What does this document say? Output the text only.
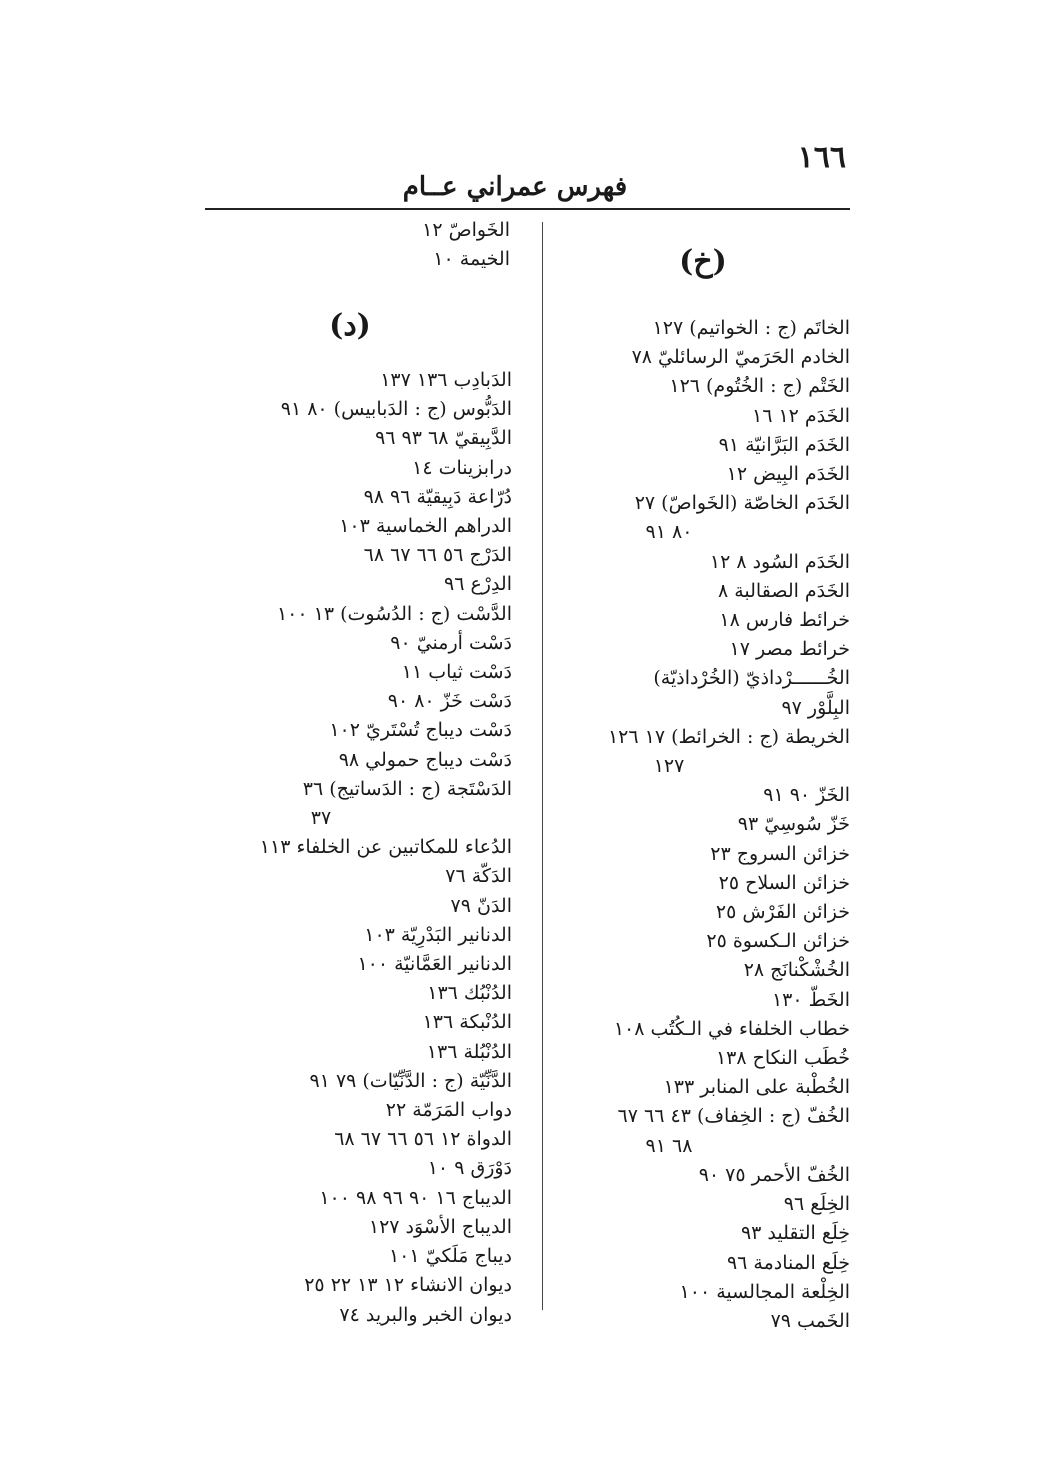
١٦٦
فهرس عمراني عــام
(خ)
الخاتَم (ج : الخواتيم) ١٢٧
الخادم الحَرَميّ الرسائليّ ٧٨
الخَتْم (ج : الخُتُوم) ١٢٦
الخَدَم ١٢ ١٦
الخَدَم البَرَّانيّة ٩١
الخَدَم البِيض ١٢
الخَدَم الخاصّة (الخَواصّ) ٢٧
٨٠ ٩١
الخَدَم السُود ٨ ١٢
الخَدَم الصقالبة ٨
خرائط فارس ١٨
خرائط مصر ١٧
الخُــــــرْداذيّ (الخُرْداذيّة)
البِلَّوْر ٩٧
الخريطة (ج : الخرائط) ١٧ ١٢٦
١٢٧
الخَزّ ٩٠ ٩١
خَزّ سُوسِيّ ٩٣
خزائن السروج ٢٣
خزائن السلاح ٢٥
خزائن الفَرْش ٢٥
خزائن الـكسوة ٢٥
الخُشْكْنانَج ٢٨
الخَطّ ١٣٠
خطاب الخلفاء في الـكُتُب ١٠٨
خُطَب النكاح ١٣٨
الخُطْبة على المنابر ١٣٣
الخُفّ (ج : الخِفاف) ٤٣ ٦٦ ٦٧
٦٨ ٩١
الخُفّ الأحمر ٧٥ ٩٠
الخِلَع ٩٦
خِلَع التقليد ٩٣
خِلَع المنادمة ٩٦
الخِلْعة المجالسية ١٠٠
الخَمب ٧٩
الخَواصّ ١٢
الخيمة ١٠
(د)
الدَبادِب ١٣٦ ١٣٧
الدَبُّوس (ج : الدَبابيس) ٨٠ ٩١
الدَّبِيقيّ ٦٨ ٩٣ ٩٦
درابزينات ١٤
دُرّاعة دَبِيقيّة ٩٦ ٩٨
الدراهم الخماسية ١٠٣
الدَرْج ٥٦ ٦٦ ٦٧ ٦٨
الدِرْع ٩٦
الدَّسْت (ج : الدُسُوت) ١٣ ١٠٠
دَسْت أرمنيّ ٩٠
دَسْت ثياب ١١
دَسْت خَزّ ٨٠ ٩٠
دَسْت ديباج تُسْتَريّ ١٠٢
دَسْت ديباج حمولي ٩٨
الدَسْتَجة (ج : الدَساتيج) ٣٦
٣٧
الدُعاء للمكاتبين عن الخلفاء ١١٣
الدَكّة ٧٦
الدَنّ ٧٩
الدنانير البَدْرِيّة ١٠٣
الدنانير العَمَّانيّة ١٠٠
الدُنْبُك ١٣٦
الدُنْبكة ١٣٦
الدُنْبُلة ١٣٦
الدَّنِّيّة (ج : الدَّنِّيّات) ٧٩ ٩١
دواب المَرَمّة ٢٢
الدواة ١٢ ٥٦ ٦٦ ٦٧ ٦٨
دَوْرَق ٩ ١٠
الديباج ١٦ ٩٠ ٩٦ ٩٨ ١٠٠
الديباج الأسْوَد ١٢٧
ديباج مَلَكيّ ١٠١
ديوان الانشاء ١٢ ١٣ ٢٢ ٢٥
ديوان الخبر والبريد ٧٤
